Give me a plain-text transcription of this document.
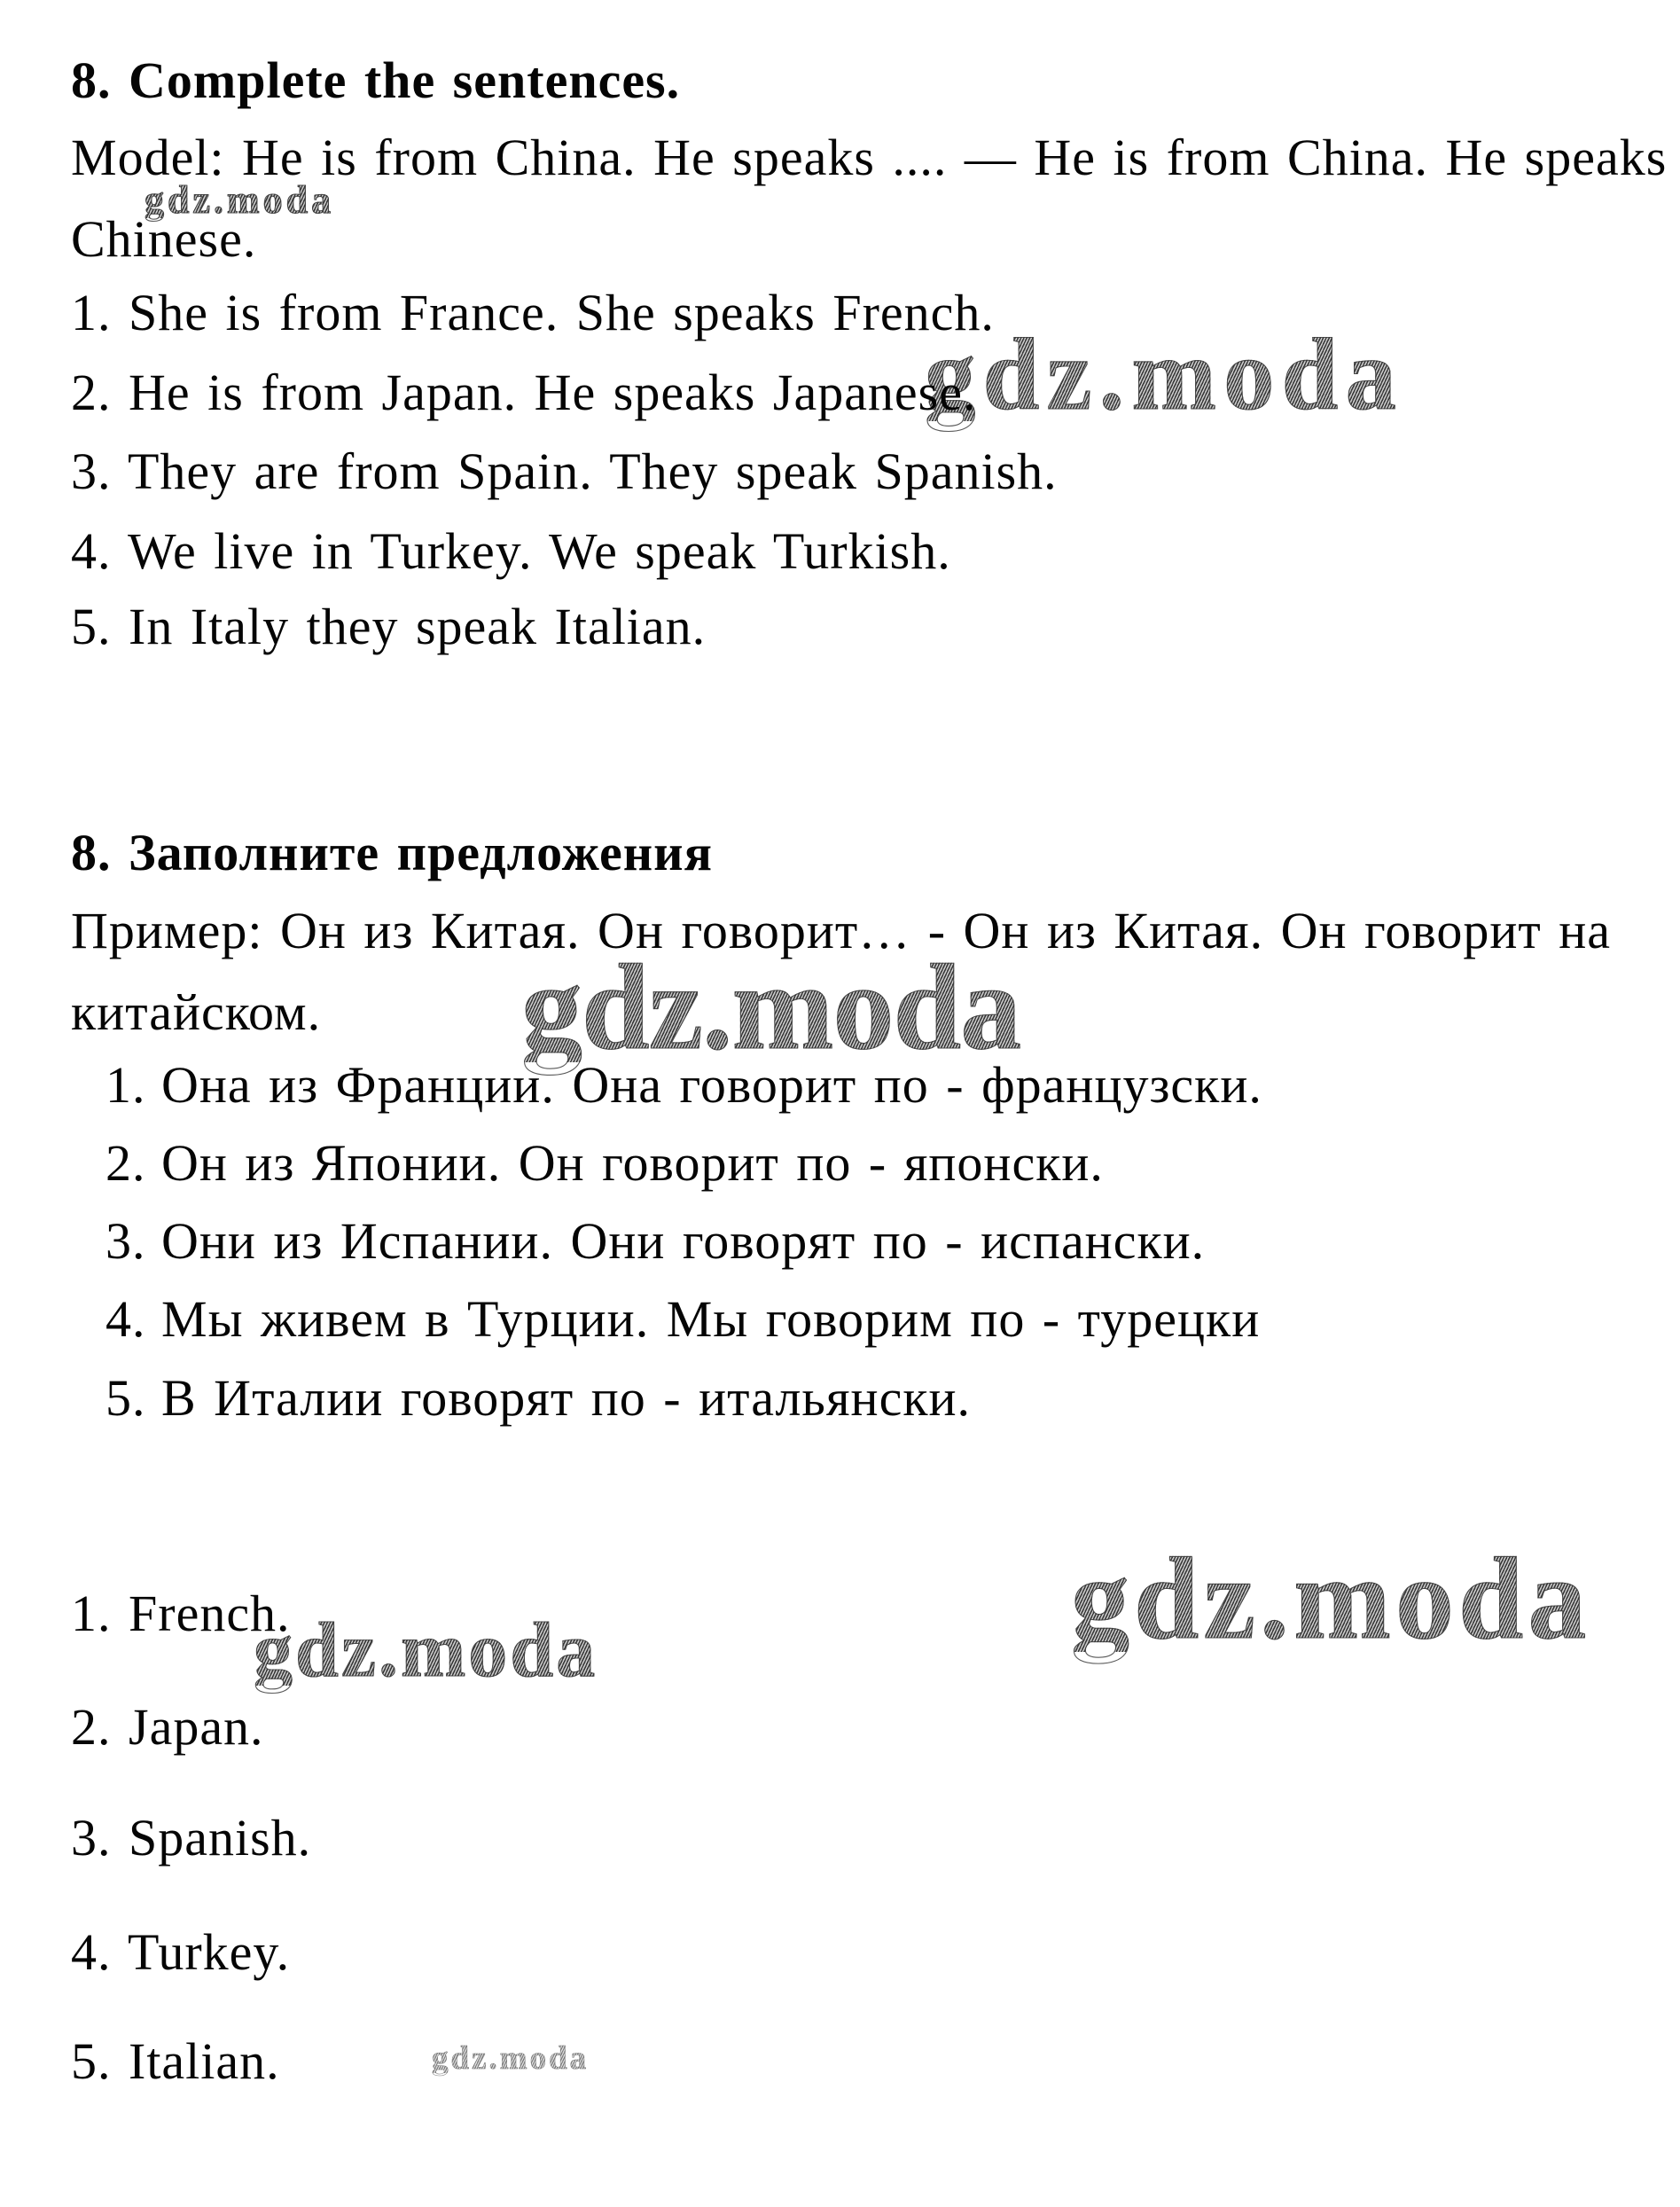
8. Complete the sentences.
Model: He is from China. He speaks .... — He is from China. He speaks
Chinese.
1. She is from France. She speaks French.
2. He is from Japan. He speaks Japanese.
3. They are from Spain. They speak Spanish.
4. We live in Turkey. We speak Turkish.
5. In Italy they speak Italian.
8. Заполните предложения
Пример: Он из Китая. Он говорит… - Он из Китая. Он говорит на
китайском.
1. Она из Франции. Она говорит по - французски.
2. Он из Японии. Он говорит по - японски.
3. Они из Испании. Они говорят по - испански.
4. Мы живем в Турции. Мы говорим по - турецки
5. В Италии говорят по - итальянски.
1. French.
2. Japan.
3. Spanish.
4. Turkey.
5. Italian.
gdz.moda
gdz.moda
gdz.moda
gdz.moda	gdz.moda
gdz.moda
